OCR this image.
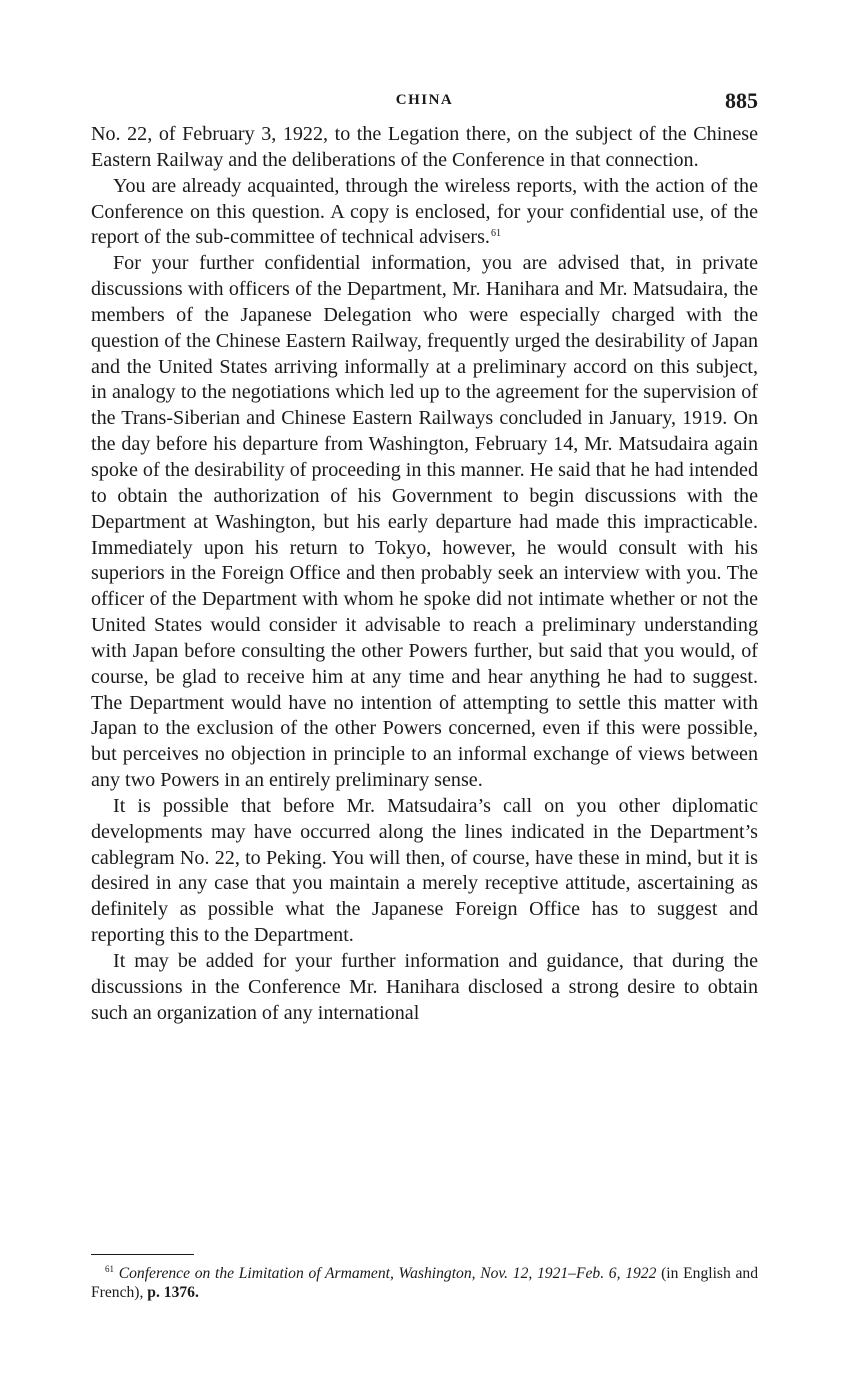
CHINA	885

No. 22, of February 3, 1922, to the Legation there, on the subject of the Chinese Eastern Railway and the deliberations of the Conference in that connection.

You are already acquainted, through the wireless reports, with the action of the Conference on this question. A copy is enclosed, for your confidential use, of the report of the sub-committee of technical advisers.$^{61}$

For your further confidential information, you are advised that, in private discussions with officers of the Department, Mr. Hanihara and Mr. Matsudaira, the members of the Japanese Delegation who were especially charged with the question of the Chinese Eastern Railway, frequently urged the desirability of Japan and the United States arriving informally at a preliminary accord on this subject, in analogy to the negotiations which led up to the agreement for the supervision of the Trans-Siberian and Chinese Eastern Railways concluded in January, 1919. On the day before his departure from Washington, February 14, Mr. Matsudaira again spoke of the desirability of proceeding in this manner. He said that he had intended to obtain the authorization of his Government to begin discussions with the Department at Washington, but his early departure had made this impracticable. Immediately upon his return to Tokyo, however, he would consult with his superiors in the Foreign Office and then probably seek an interview with you. The officer of the Department with whom he spoke did not intimate whether or not the United States would consider it advisable to reach a preliminary understanding with Japan before consulting the other Powers further, but said that you would, of course, be glad to receive him at any time and hear anything he had to suggest. The Department would have no intention of attempting to settle this matter with Japan to the exclusion of the other Powers concerned, even if this were possible, but perceives no objection in principle to an informal exchange of views between any two Powers in an entirely preliminary sense.

It is possible that before Mr. Matsudaira’s call on you other diplomatic developments may have occurred along the lines indicated in the Department’s cablegram No. 22, to Peking. You will then, of course, have these in mind, but it is desired in any case that you maintain a merely receptive attitude, ascertaining as definitely as possible what the Japanese Foreign Office has to suggest and reporting this to the Department.

It may be added for your further information and guidance, that during the discussions in the Conference Mr. Hanihara disclosed a strong desire to obtain such an organization of any international

$^{61}$ Conference on the Limitation of Armament, Washington, Nov. 12, 1921–Feb. 6, 1922 (in English and French), p. 1376.
